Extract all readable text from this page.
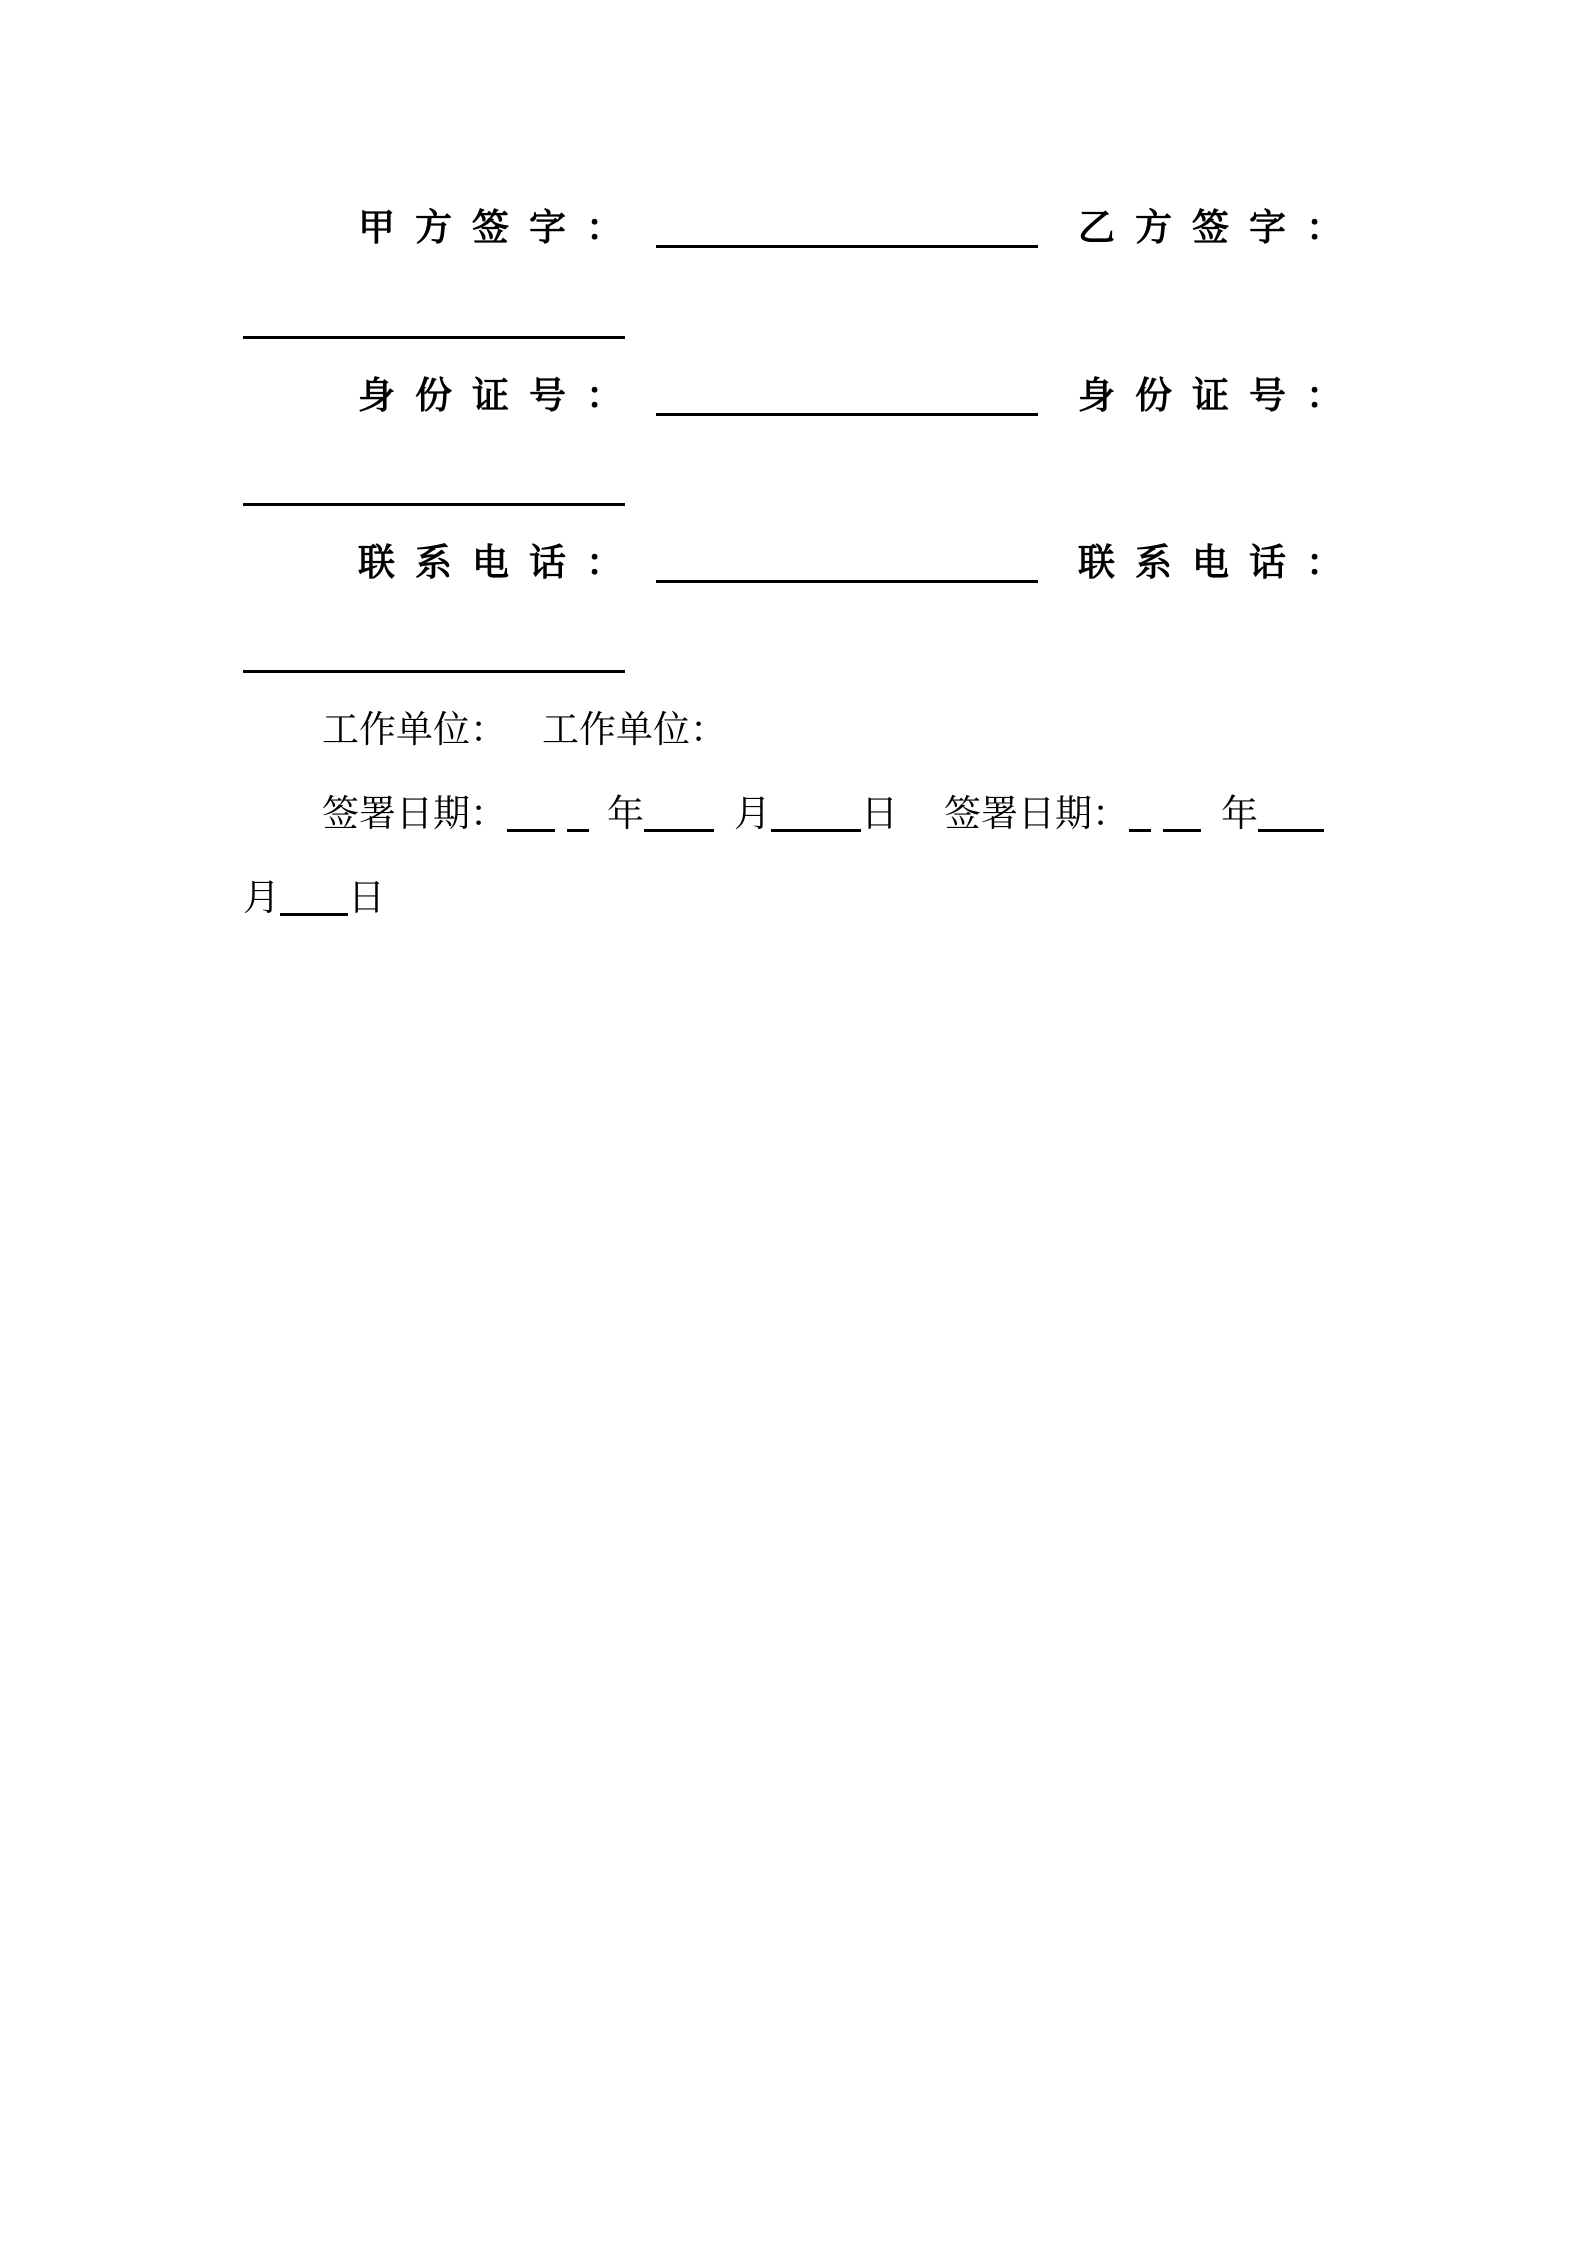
甲方签字：	乙方签字：
身份证号：	身份证号：
联系电话：	联系电话：
工作单位： 工作单位：
签署日期：	年 月 日 签署日期： 年
月 日
